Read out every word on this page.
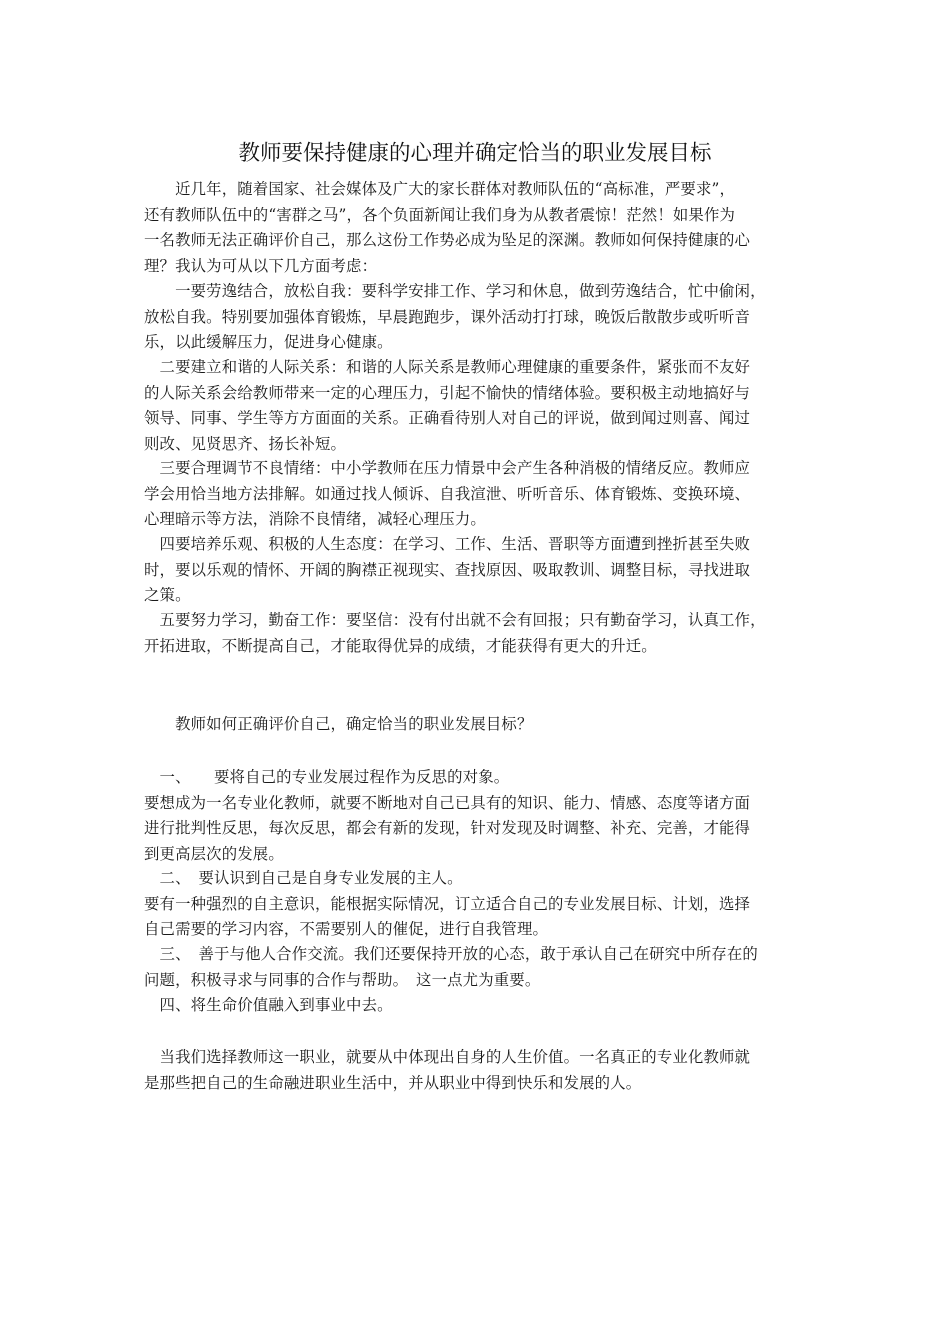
教师要保持健康的心理并确定恰当的职业发展目标
　　近几年，随着国家、社会媒体及广大的家长群体对教师队伍的“高标准，严要求”，
还有教师队伍中的“害群之马”，各个负面新闻让我们身为从教者震惊！茫然！如果作为
一名教师无法正确评价自己，那么这份工作势必成为坠足的深渊。教师如何保持健康的心
理？我认为可从以下几方面考虑：
　　一要劳逸结合，放松自我：要科学安排工作、学习和休息，做到劳逸结合，忙中偷闲，
放松自我。特别要加强体育锻炼，早晨跑跑步，课外活动打打球，晚饭后散散步或听听音
乐，以此缓解压力，促进身心健康。
　二要建立和谐的人际关系：和谐的人际关系是教师心理健康的重要条件，紧张而不友好
的人际关系会给教师带来一定的心理压力，引起不愉快的情绪体验。要积极主动地搞好与
领导、同事、学生等方方面面的关系。正确看待别人对自己的评说，做到闻过则喜、闻过
则改、见贤思齐、扬长补短。
　三要合理调节不良情绪：中小学教师在压力情景中会产生各种消极的情绪反应。教师应
学会用恰当地方法排解。如通过找人倾诉、自我渲泄、听听音乐、体育锻炼、变换环境、
心理暗示等方法，消除不良情绪，减轻心理压力。
　四要培养乐观、积极的人生态度：在学习、工作、生活、晋职等方面遭到挫折甚至失败
时，要以乐观的情怀、开阔的胸襟正视现实、查找原因、吸取教训、调整目标，寻找进取
之策。
　五要努力学习，勤奋工作：要坚信：没有付出就不会有回报；只有勤奋学习，认真工作，
开拓进取，不断提高自己，才能取得优异的成绩，才能获得有更大的升迁。
　　教师如何正确评价自己，确定恰当的职业发展目标？
　一、　　要将自己的专业发展过程作为反思的对象。
要想成为一名专业化教师，就要不断地对自己已具有的知识、能力、情感、态度等诸方面
进行批判性反思，每次反思，都会有新的发现，针对发现及时调整、补充、完善，才能得
到更高层次的发展。
　二、　要认识到自己是自身专业发展的主人。
要有一种强烈的自主意识，能根据实际情况，订立适合自己的专业发展目标、计划，选择
自己需要的学习内容，不需要别人的催促，进行自我管理。
　三、　善于与他人合作交流。我们还要保持开放的心态，敢于承认自己在研究中所存在的
问题，积极寻求与同事的合作与帮助。　这一点尤为重要。
　四、将生命价值融入到事业中去。
　当我们选择教师这一职业，就要从中体现出自身的人生价值。一名真正的专业化教师就
是那些把自己的生命融进职业生活中，并从职业中得到快乐和发展的人。
